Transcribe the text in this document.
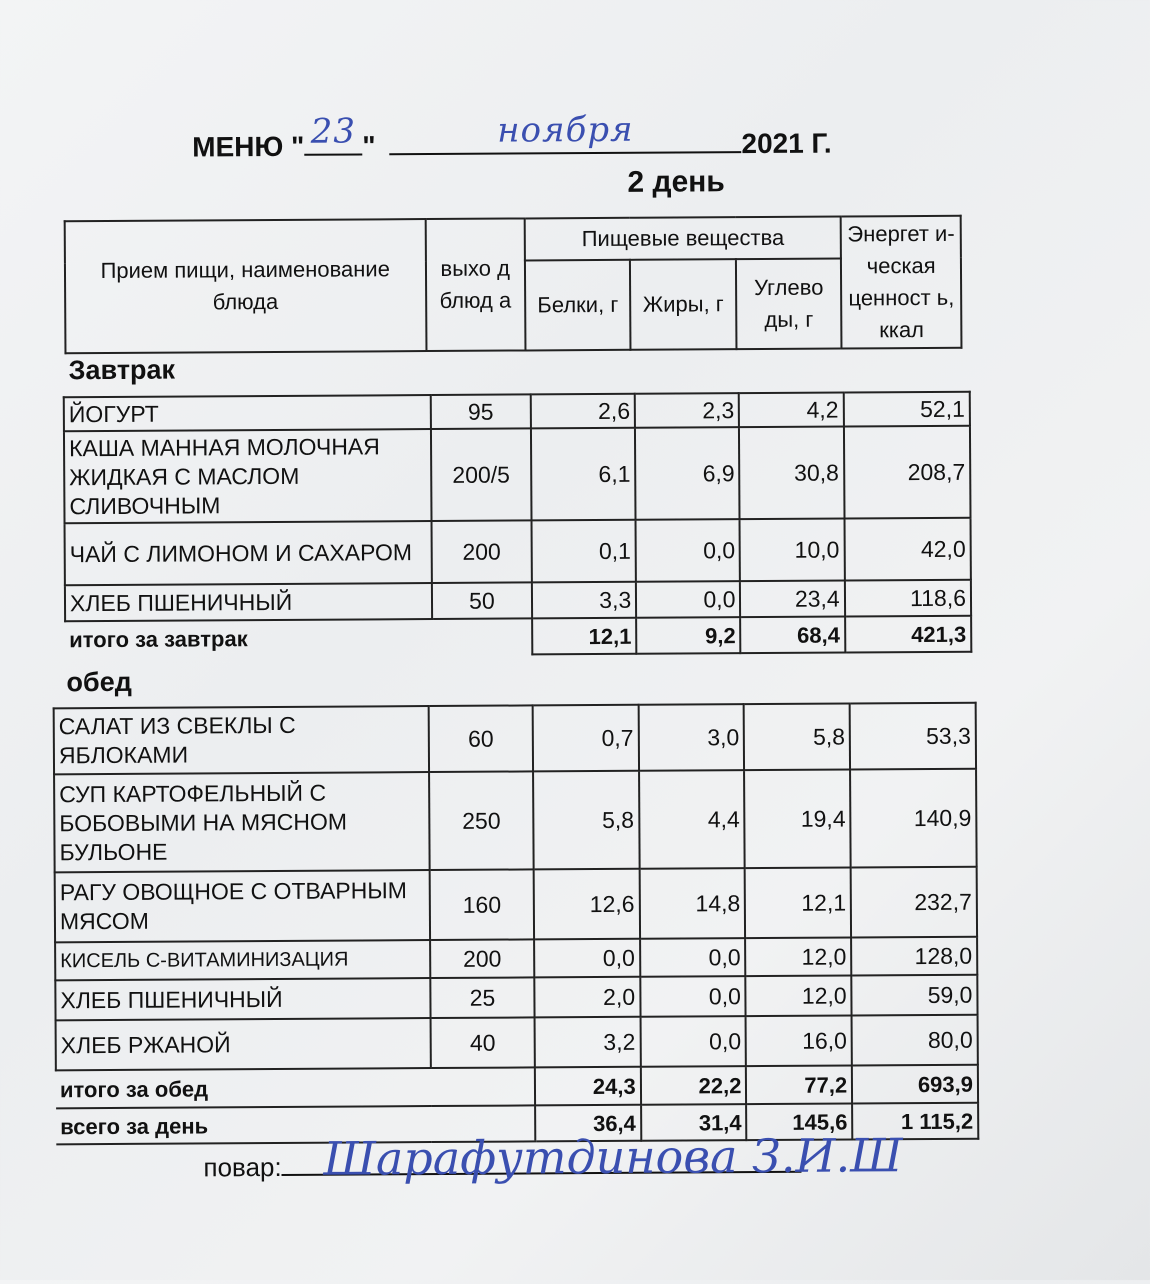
МЕНЮ " 23 "	ноября	2021 Г.
2 день
Прием пищи, наименование блюда	выхо д блюд а	Пищевые вещества			Энергет и-ческая ценност ь, ккал
		Белки, г	Жиры, г	Углево ды, г	
Завтрак
ЙОГУРТ	95	2,6	2,3	4,2	52,1
КАША МАННАЯ МОЛОЧНАЯ ЖИДКАЯ С МАСЛОМ СЛИВОЧНЫМ	200/5	6,1	6,9	30,8	208,7
ЧАЙ С ЛИМОНОМ И САХАРОМ	200	0,1	0,0	10,0	42,0
ХЛЕБ ПШЕНИЧНЫЙ	50	3,3	0,0	23,4	118,6
итого за завтрак		12,1	9,2	68,4	421,3
обед
САЛАТ ИЗ СВЕКЛЫ С ЯБЛОКАМИ	60	0,7	3,0	5,8	53,3
СУП КАРТОФЕЛЬНЫЙ С БОБОВЫМИ НА МЯСНОМ БУЛЬОНЕ	250	5,8	4,4	19,4	140,9
РАГУ ОВОЩНОЕ С ОТВАРНЫМ МЯСОМ	160	12,6	14,8	12,1	232,7
КИСЕЛЬ С-ВИТАМИНИЗАЦИЯ	200	0,0	0,0	12,0	128,0
ХЛЕБ ПШЕНИЧНЫЙ	25	2,0	0,0	12,0	59,0
ХЛЕБ РЖАНОЙ	40	3,2	0,0	16,0	80,0
итого за обед		24,3	22,2	77,2	693,9
всего за день		36,4	31,4	145,6	1 115,2
повар: Шарафутдинова З.И.Ш
